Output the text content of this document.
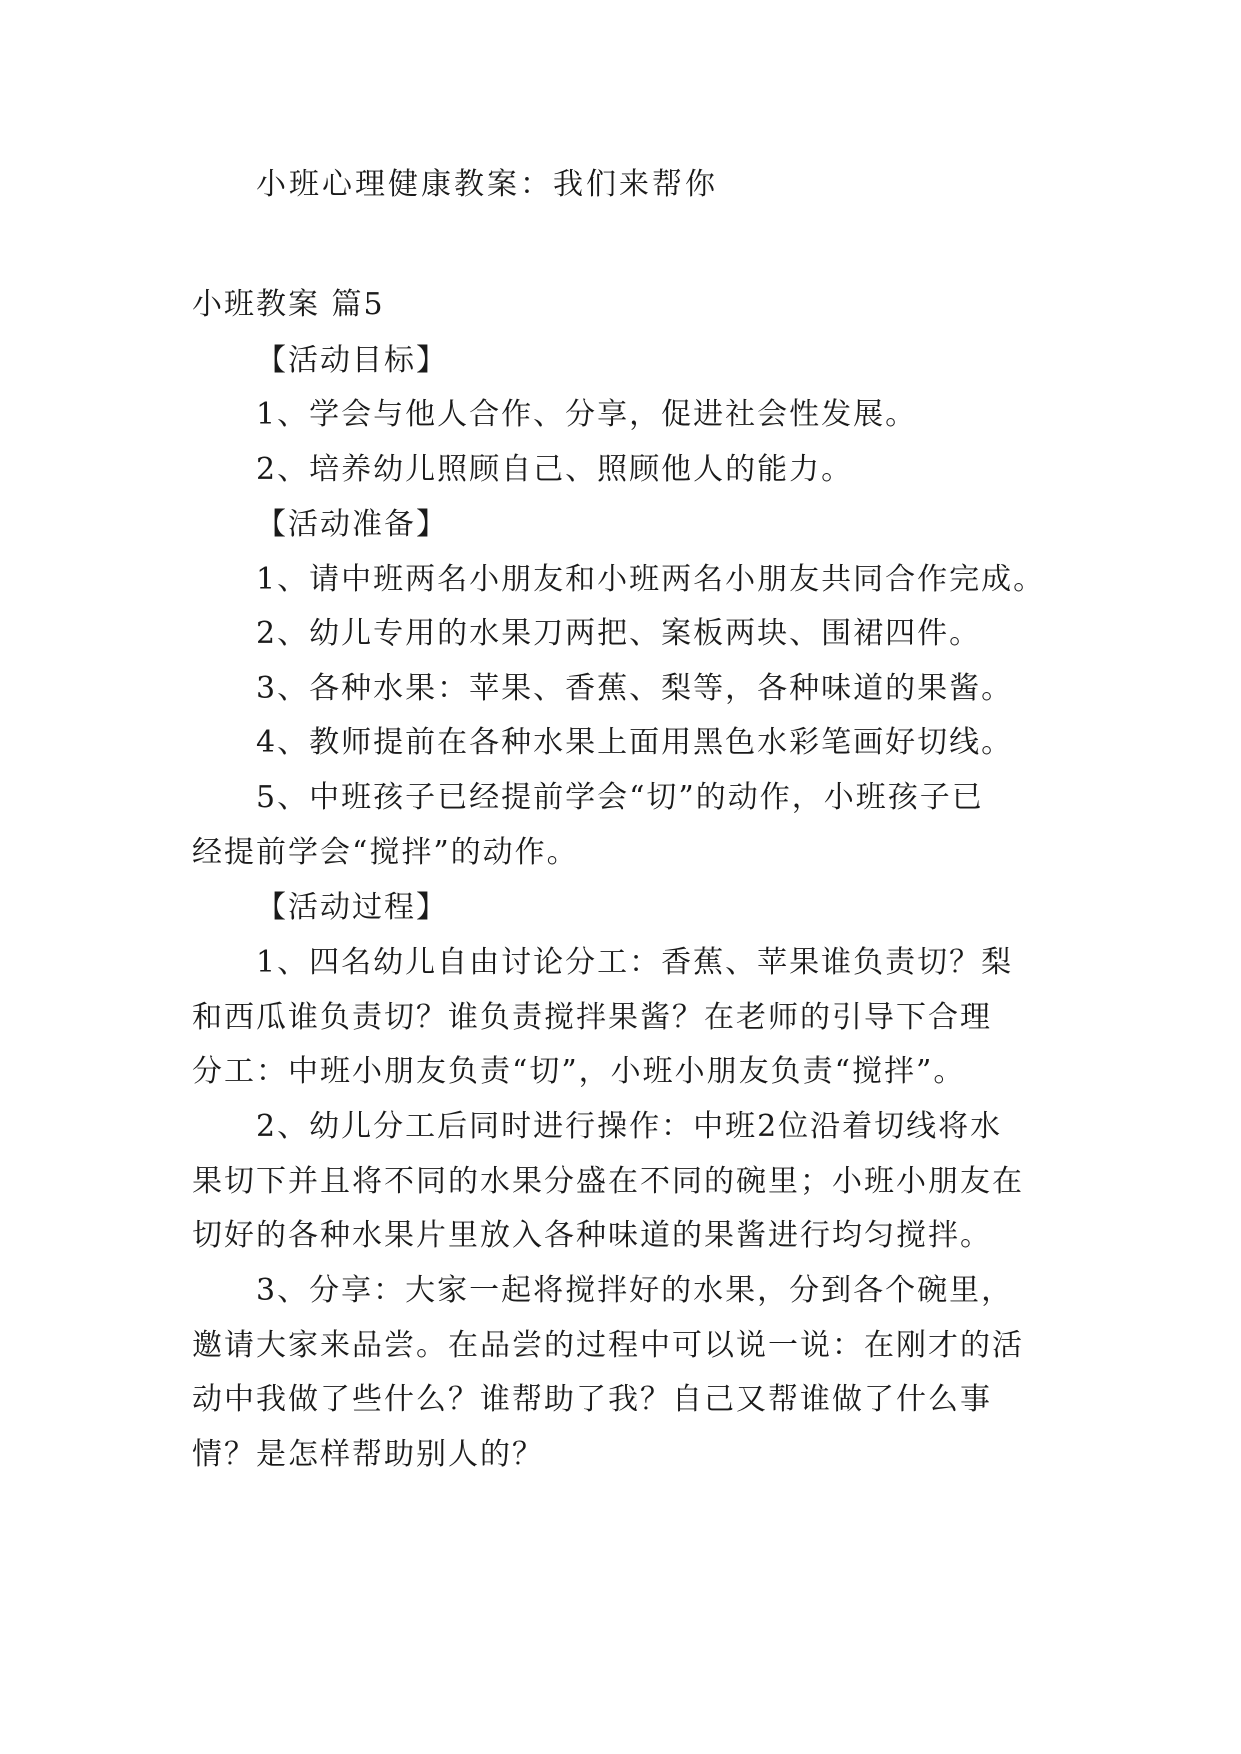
小班心理健康教案：我们来帮你
小班教案 篇5
【活动目标】
1、学会与他人合作、分享，促进社会性发展。
2、培养幼儿照顾自己、照顾他人的能力。
【活动准备】
1、请中班两名小朋友和小班两名小朋友共同合作完成。
2、幼儿专用的水果刀两把、案板两块、围裙四件。
3、各种水果：苹果、香蕉、梨等，各种味道的果酱。
4、教师提前在各种水果上面用黑色水彩笔画好切线。
5、中班孩子已经提前学会“切”的动作，小班孩子已
经提前学会“搅拌”的动作。
【活动过程】
1、四名幼儿自由讨论分工：香蕉、苹果谁负责切？梨
和西瓜谁负责切？谁负责搅拌果酱？在老师的引导下合理
分工：中班小朋友负责“切”，小班小朋友负责“搅拌”。
2、幼儿分工后同时进行操作：中班2位沿着切线将水
果切下并且将不同的水果分盛在不同的碗里；小班小朋友在
切好的各种水果片里放入各种味道的果酱进行均匀搅拌。
3、分享：大家一起将搅拌好的水果，分到各个碗里，
邀请大家来品尝。在品尝的过程中可以说一说：在刚才的活
动中我做了些什么？谁帮助了我？自己又帮谁做了什么事
情？是怎样帮助别人的？
